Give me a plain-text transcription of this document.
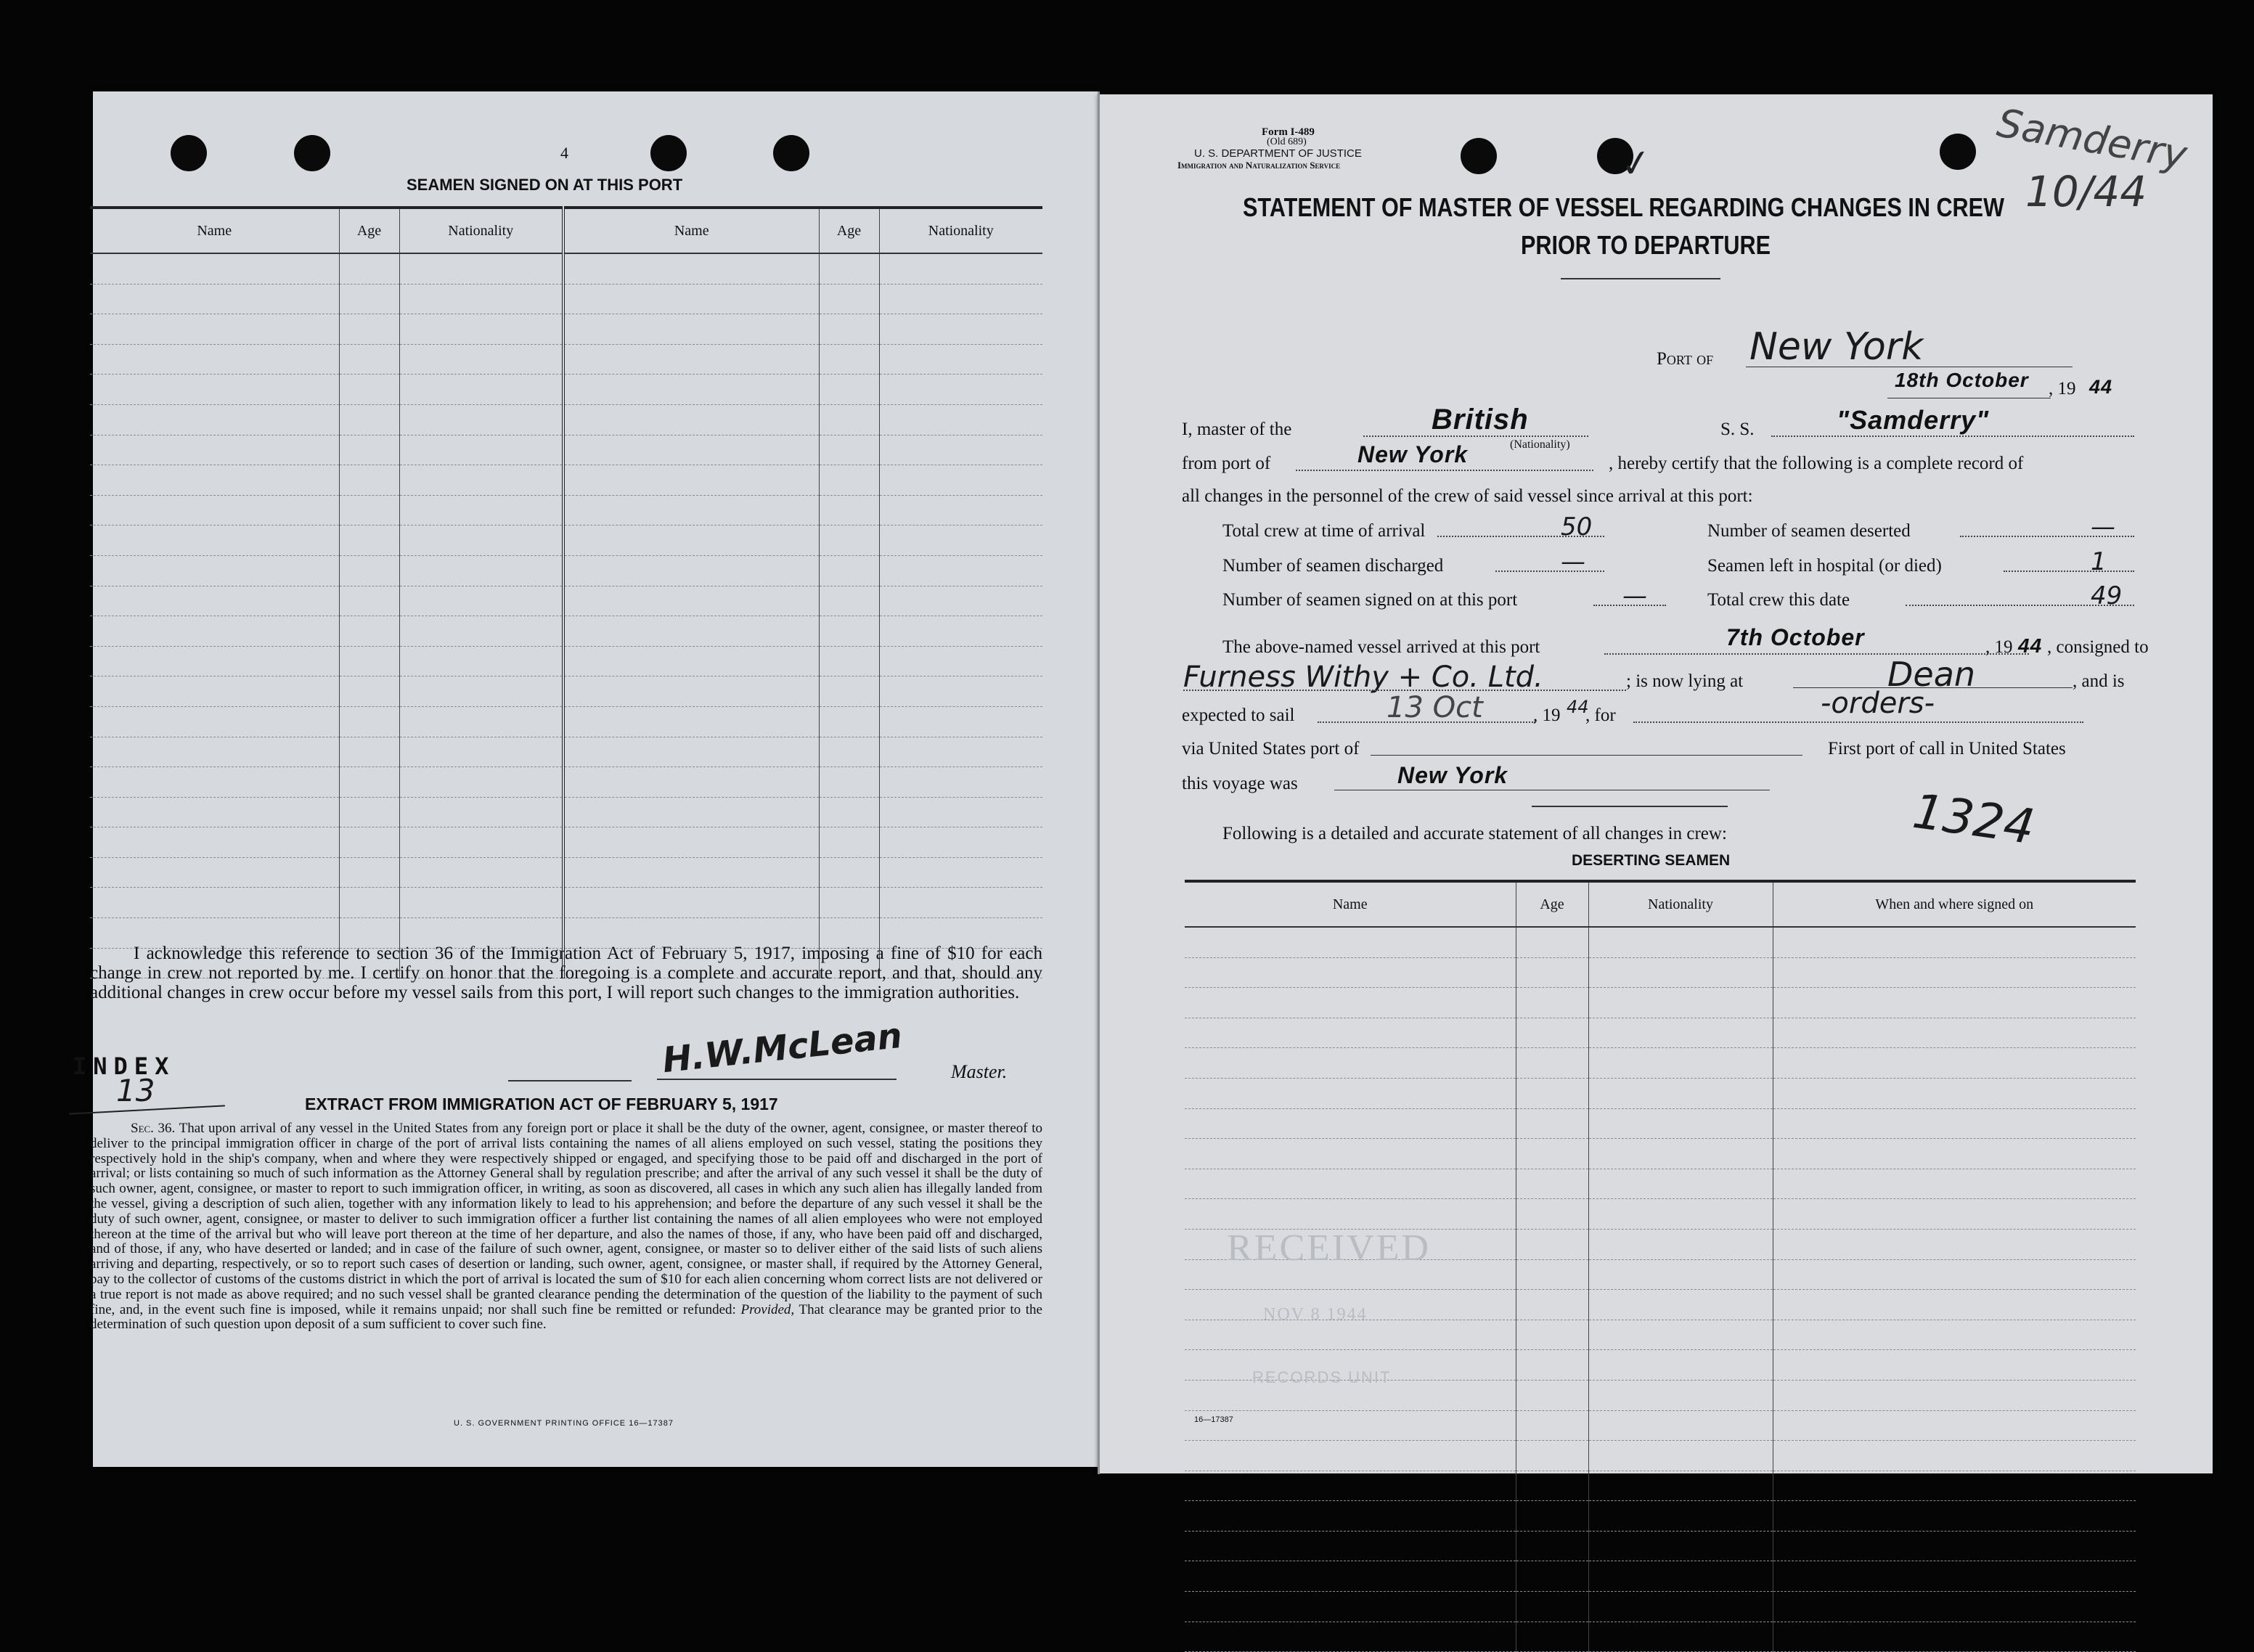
4
SEAMEN SIGNED ON AT THIS PORT
Name	Age	Nationality	Name	Age	Nationality

I acknowledge this reference to section 36 of the Immigration Act of February 5, 1917, imposing a fine of $10 for each change in crew not reported by me. I certify on honor that the foregoing is a complete and accurate report, and that, should any additional changes in crew occur before my vessel sails from this port, I will report such changes to the immigration authorities.
H.W.McLean Master.
INDEX
13	EXTRACT FROM IMMIGRATION ACT OF FEBRUARY 5, 1917
Sec. 36. That upon arrival of any vessel in the United States from any foreign port or place it shall be the duty of the owner, agent, consignee, or master thereof to deliver to the principal immigration officer in charge of the port of arrival lists containing the names of all aliens employed on such vessel, stating the positions they respectively hold in the ship's company, when and where they were respectively shipped or engaged, and specifying those to be paid off and discharged in the port of arrival; or lists containing so much of such information as the Attorney General shall by regulation prescribe; and after the arrival of any such vessel it shall be the duty of such owner, agent, consignee, or master to report to such immigration officer, in writing, as soon as discovered, all cases in which any such alien has illegally landed from the vessel, giving a description of such alien, together with any information likely to lead to his apprehension; and before the departure of any such vessel it shall be the duty of such owner, agent, consignee, or master to deliver to such immigration officer a further list containing the names of all alien employees who were not employed thereon at the time of the arrival but who will leave port thereon at the time of her departure, and also the names of those, if any, who have been paid off and discharged, and of those, if any, who have deserted or landed; and in case of the failure of such owner, agent, consignee, or master so to deliver either of the said lists of such aliens arriving and departing, respectively, or so to report such cases of desertion or landing, such owner, agent, consignee, or master shall, if required by the Attorney General, pay to the collector of customs of the customs district in which the port of arrival is located the sum of $10 for each alien concerning whom correct lists are not delivered or a true report is not made as above required; and no such vessel shall be granted clearance pending the determination of the question of the liability to the payment of such fine, and, in the event such fine is imposed, while it remains unpaid; nor shall such fine be remitted or refunded: Provided, That clearance may be granted prior to the determination of such question upon deposit of a sum sufficient to cover such fine.
U. S. GOVERNMENT PRINTING OFFICE 16—17387
Form I-489
(Old 689)
U. S. DEPARTMENT OF JUSTICE
Immigration and Naturalization Service	Samderry
10/44
✓
STATEMENT OF MASTER OF VESSEL REGARDING CHANGES IN CREW
PRIOR TO DEPARTURE
Port of New York
18th October , 19 44
I, master of the	British
(Nationality)
S. S.	"Samderry"
from port of	New York	, hereby certify that the following is a complete record of
all changes in the personnel of the crew of said vessel since arrival at this port:
Total crew at time of arrival	50	Number of seamen deserted	—
Number of seamen discharged	—	Seamen left in hospital (or died)	1
Number of seamen signed on at this port	—	Total crew this date	49
The above-named vessel arrived at this port	7th October	, 19 44 , consigned to
Furness Withy + Co. Ltd.	; is now lying at	Dean	, and is
expected to sail	13 Oct	, 19 44
, for	-orders-
via United States port of	First port of call in United States
this voyage was	New York
Following is a detailed and accurate statement of all changes in crew:	1324
DESERTING SEAMEN
Name	Age	Nationality	When and where signed on

RECEIVED
NOV 8 1944
RECORDS UNIT
16—17387
